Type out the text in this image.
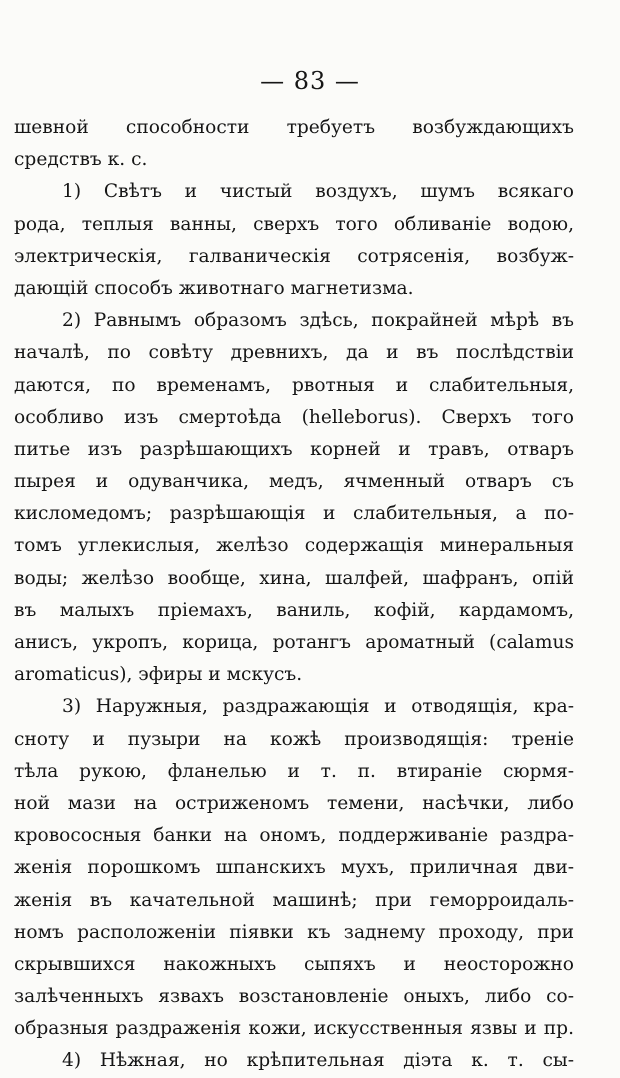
— 83 —
шевной способности требуетъ возбуждающихъ
средствъ к. с.
1) Свѣтъ и чистый воздухъ, шумъ всякаго
рода, теплыя ванны, сверхъ того обливанiе водою,
электрическiя, галваническiя сотрясенiя, возбуж-
дающiй способъ животнаго магнетизма.
2) Равнымъ образомъ здѣсь, покрайней мѣрѣ въ
началѣ, по совѣту древнихъ, да и въ послѣдствiи
даются, по временамъ, рвотныя и слабительныя,
особливо изъ смертоѣда (helleborus). Сверхъ того
питье изъ разрѣшающихъ корней и травъ, отваръ
пырея и одуванчика, медъ, ячменный отваръ съ
кисломедомъ; разрѣшающiя и слабительныя, а по-
томъ углекислыя, желѣзо содержащiя минеральныя
воды; желѣзо вообще, хина, шалфей, шафранъ, опiй
въ малыхъ прiемахъ, ваниль, кофiй, кардамомъ,
анисъ, укропъ, корица, ротангъ ароматный (calamus
aromaticus), эфиры и мскусъ.
3) Наружныя, раздражающiя и отводящiя, кра-
сноту и пузыри на кожѣ производящiя: тренiе
тѣла рукою, фланелью и т. п. втиранiе сюрмя-
ной мази на остриженомъ темени, насѣчки, либо
кровососныя банки на ономъ, поддерживанiе раздра-
женiя порошкомъ шпанскихъ мухъ, приличная дви-
женiя въ качательной машинѣ; при геморроидаль-
номъ расположенiи пiявки къ заднему проходу, при
скрывшихся накожныхъ сыпяхъ и неосторожно
залѣченныхъ язвахъ возстановленiе оныхъ, либо со-
образныя раздраженiя кожи, искусственныя язвы и пр.
4) Нѣжная, но крѣпительная дiэта к. т. сы-
